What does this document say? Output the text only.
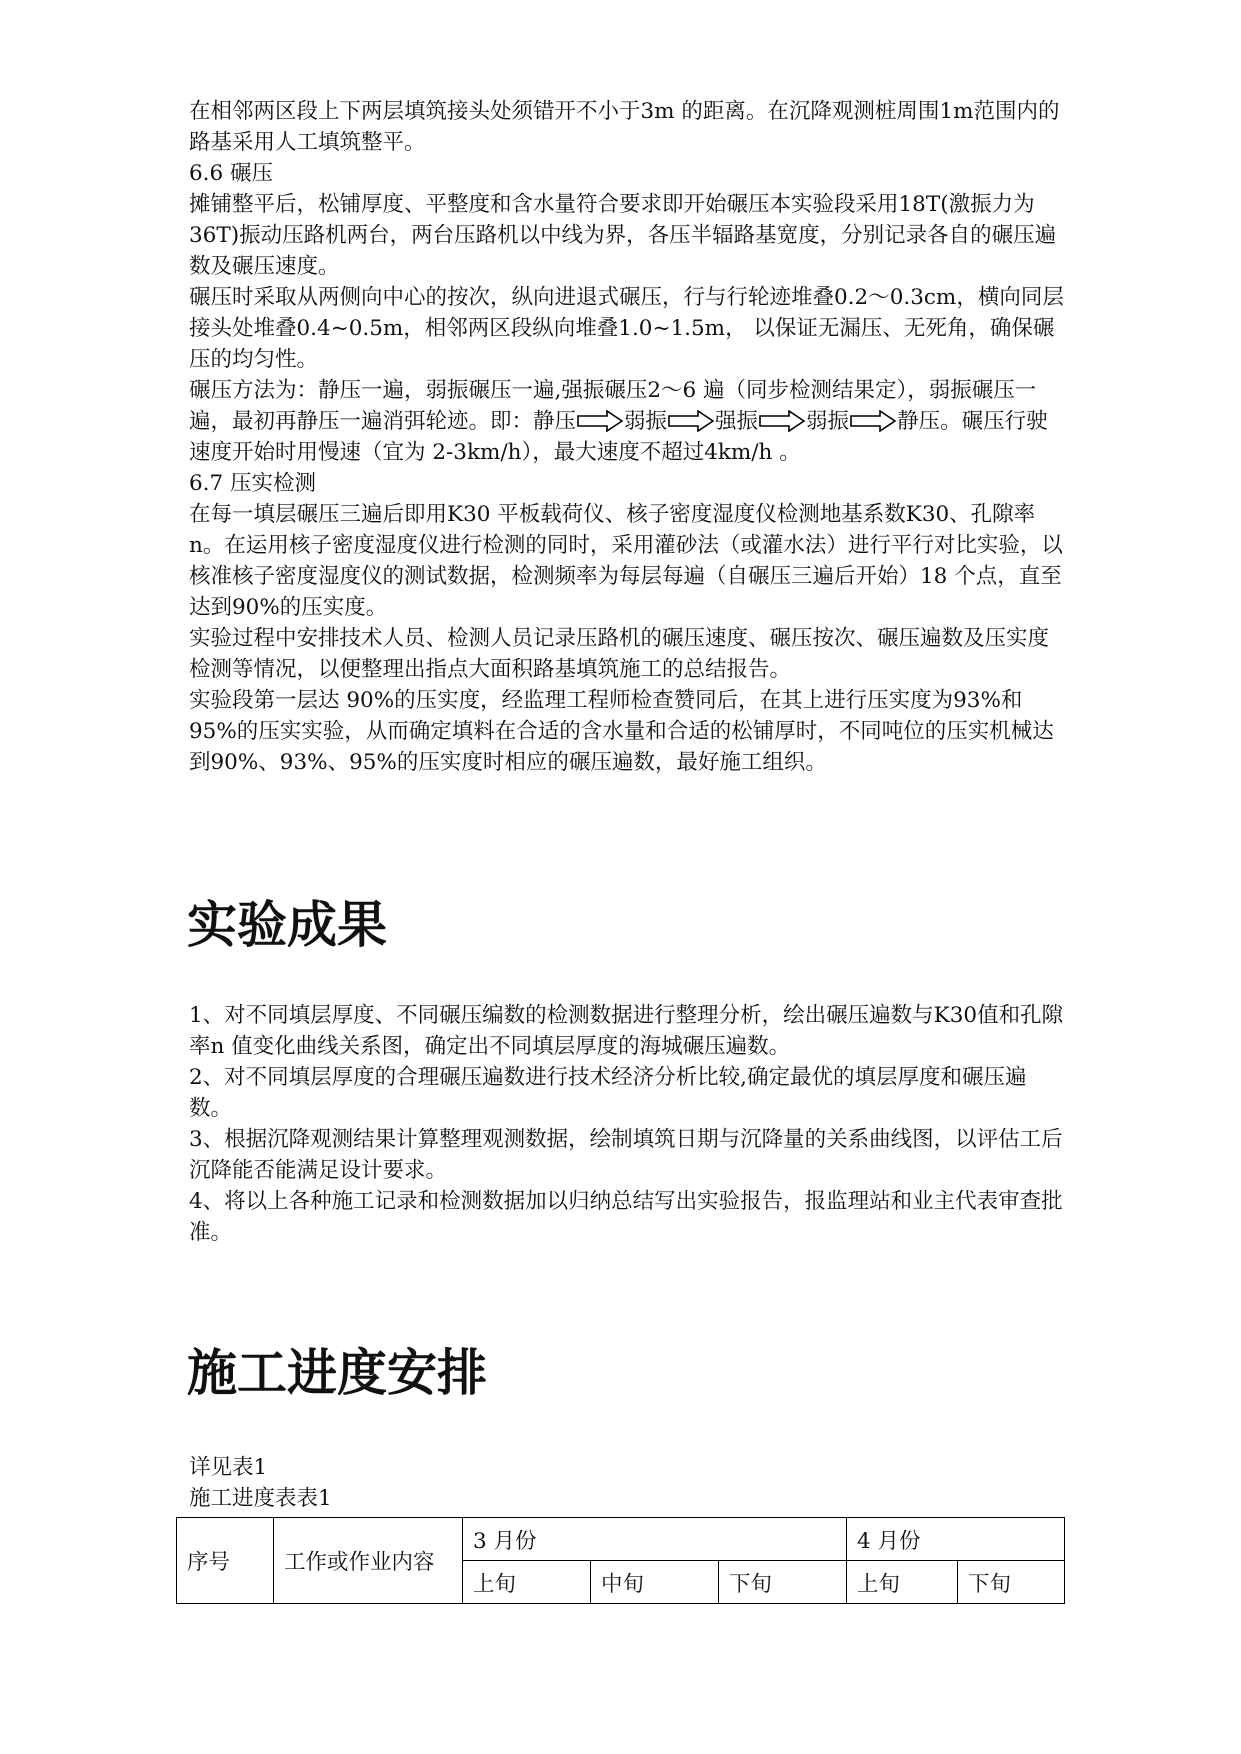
在相邻两区段上下两层填筑接头处须错开不小于3m 的距离。在沉降观测桩周围1m范围内的路基采用人工填筑整平。

6.6 碾压

摊铺整平后，松铺厚度、平整度和含水量符合要求即开始碾压本实验段采用18T(激振力为36T)振动压路机两台，两台压路机以中线为界，各压半辐路基宽度，分别记录各自的碾压遍数及碾压速度。

碾压时采取从两侧向中心的按次，纵向进退式碾压，行与行轮迹堆叠0.2～0.3cm，横向同层接头处堆叠0.4~0.5m，相邻两区段纵向堆叠1.0~1.5m， 以保证无漏压、无死角，确保碾压的均匀性。

碾压方法为：静压一遍，弱振碾压一遍,强振碾压2～6 遍（同步检测结果定），弱振碾压一遍，最初再静压一遍消弭轮迹。即：静压 弱振 强振 弱振 静压。碾压行驶速度开始时用慢速（宜为 2-3km/h），最大速度不超过4km/h 。

6.7 压实检测

在每一填层碾压三遍后即用K30 平板载荷仪、核子密度湿度仪检测地基系数K30、孔隙率 n。在运用核子密度湿度仪进行检测的同时，采用灌砂法（或灌水法）进行平行对比实验，以核准核子密度湿度仪的测试数据，检测频率为每层每遍（自碾压三遍后开始）18 个点，直至达到90%的压实度。

实验过程中安排技术人员、检测人员记录压路机的碾压速度、碾压按次、碾压遍数及压实度检测等情况，以便整理出指点大面积路基填筑施工的总结报告。

实验段第一层达 90%的压实度，经监理工程师检查赞同后，在其上进行压实度为93%和 95%的压实实验，从而确定填料在合适的含水量和合适的松铺厚时，不同吨位的压实机械达到90%、93%、95%的压实度时相应的碾压遍数，最好施工组织。

实验成果

1、对不同填层厚度、不同碾压编数的检测数据进行整理分析，绘出碾压遍数与K30值和孔隙率n 值变化曲线关系图，确定出不同填层厚度的海城碾压遍数。

2、对不同填层厚度的合理碾压遍数进行技术经济分析比较,确定最优的填层厚度和碾压遍数。

3、根据沉降观测结果计算整理观测数据，绘制填筑日期与沉降量的关系曲线图，以评估工后沉降能否能满足设计要求。

4、将以上各种施工记录和检测数据加以归纳总结写出实验报告，报监理站和业主代表审查批准。

施工进度安排

详见表1

施工进度表表1

序号	工作或作业内容	3 月份			4 月份	
		上旬	中旬	下旬	上旬	下旬
